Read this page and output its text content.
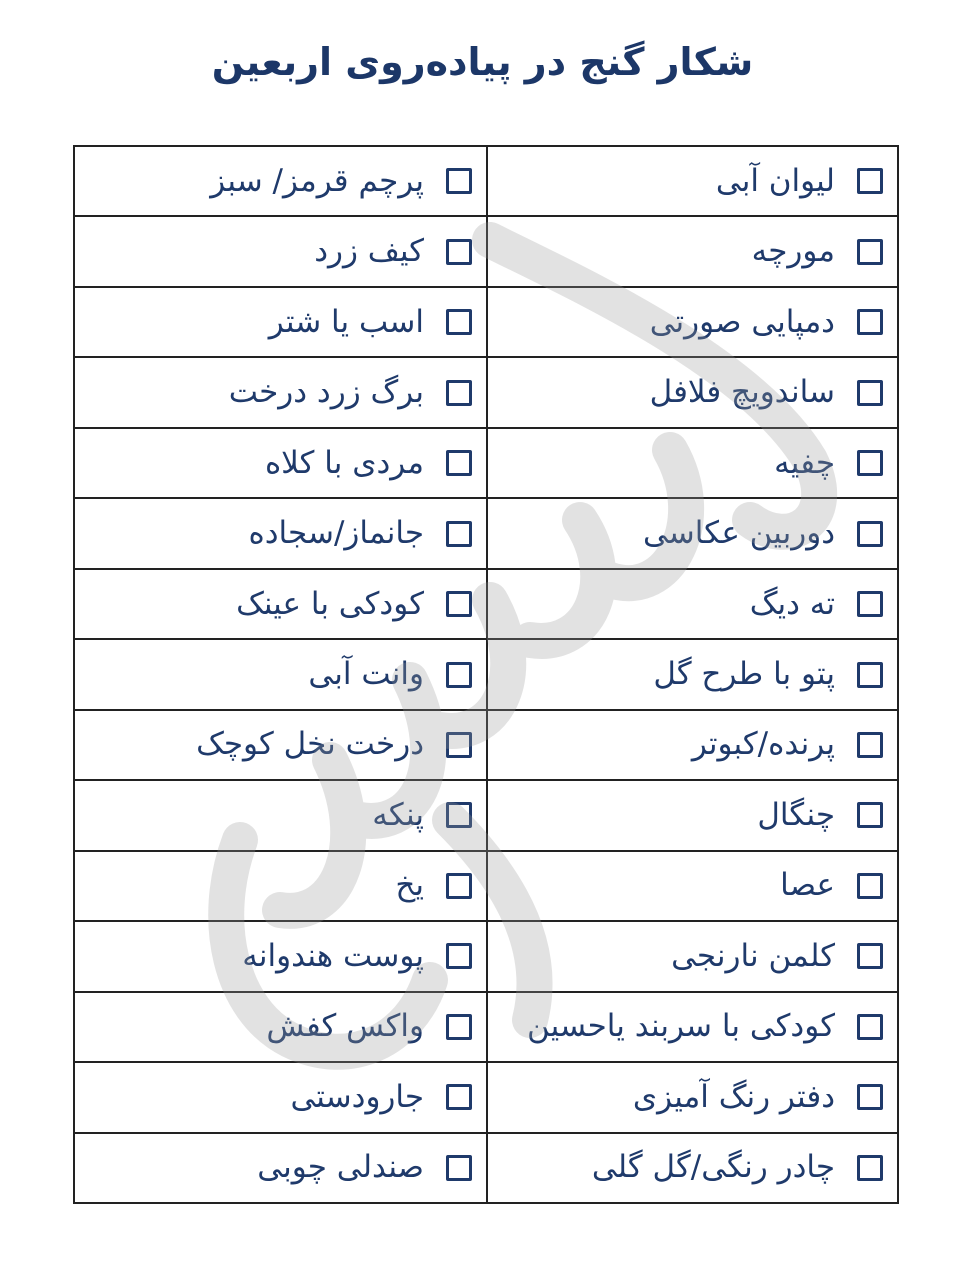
شکار گنج در پیاده‌روی اربعین
لیوان آبی
مورچه
دمپایی صورتی
ساندویچ فلافل
چفیه
دوربین عکاسی
ته دیگ
پتو با طرح گل
پرنده/کبوتر
چنگال
عصا
کلمن نارنجی
کودکی با سربند یاحسین
دفتر رنگ آمیزی
چادر رنگی/گل گلی
پرچم قرمز/ سبز
کیف زرد
اسب یا شتر
برگ زرد درخت
مردی با کلاه
جانماز/سجاده
کودکی با عینک
وانت آبی
درخت نخل کوچک
پنکه
یخ
پوست هندوانه
واکس کفش
جارودستی
صندلی چوبی
